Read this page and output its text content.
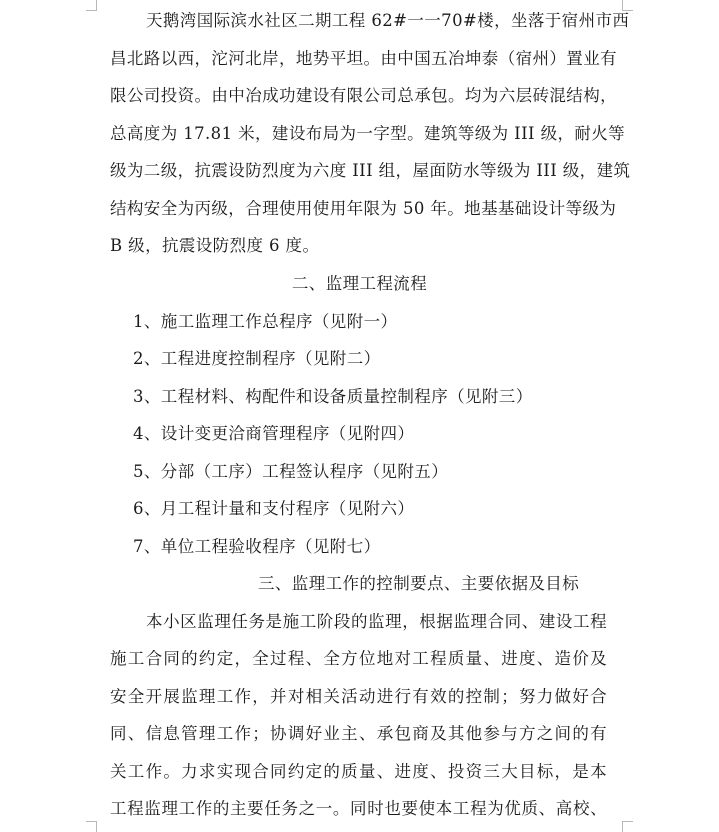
天鹅湾国际滨水社区二期工程 62#一一70#楼，坐落于宿州市西
昌北路以西，沱河北岸，地势平坦。由中国五冶坤泰（宿州）置业有
限公司投资。由中冶成功建设有限公司总承包。均为六层砖混结构，
总高度为 17.81 米，建设布局为一字型。建筑等级为 III 级，耐火等
级为二级，抗震设防烈度为六度 III 组，屋面防水等级为 III 级，建筑
结构安全为丙级，合理使用使用年限为 50 年。地基基础设计等级为
B 级，抗震设防烈度 6 度。
二、监理工程流程
1、施工监理工作总程序（见附一）
2、工程进度控制程序（见附二）
3、工程材料、构配件和设备质量控制程序（见附三）
4、设计变更洽商管理程序（见附四）
5、分部（工序）工程签认程序（见附五）
6、月工程计量和支付程序（见附六）
7、单位工程验收程序（见附七）
三、监理工作的控制要点、主要依据及目标
本小区监理任务是施工阶段的监理，根据监理合同、建设工程
施工合同的约定，全过程、全方位地对工程质量、进度、造价及
安全开展监理工作，并对相关活动进行有效的控制；努力做好合
同、信息管理工作；协调好业主、承包商及其他参与方之间的有
关工作。力求实现合同约定的质量、进度、投资三大目标，是本
工程监理工作的主要任务之一。同时也要使本工程为优质、高校、
